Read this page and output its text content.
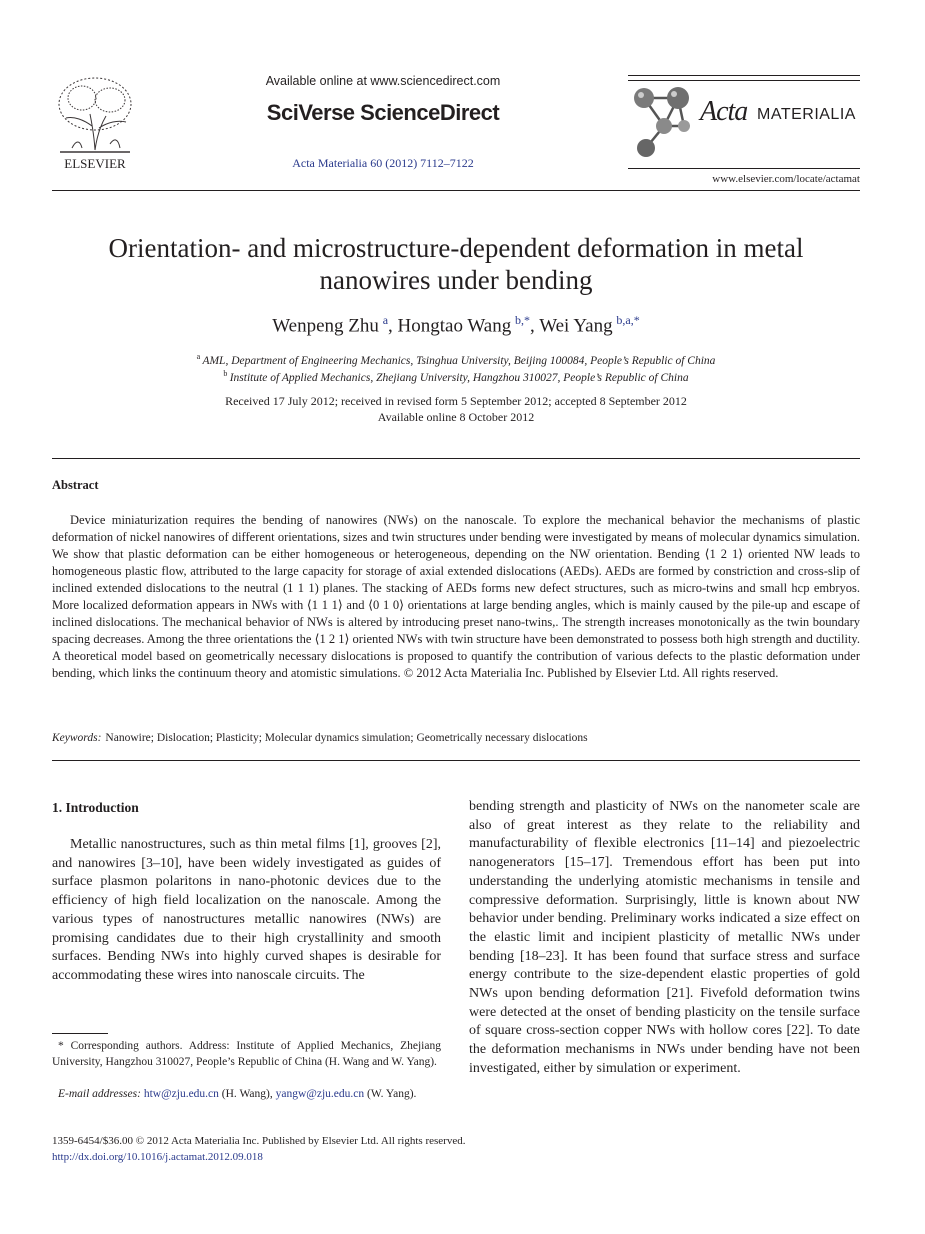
ELSEVIER
Available online at www.sciencedirect.com
SciVerse ScienceDirect
Acta Materialia 60 (2012) 7112–7122
Acta MATERIALIA
www.elsevier.com/locate/actamat
Orientation- and microstructure-dependent deformation in metal nanowires under bending
Wenpeng Zhu  $^a$, Hongtao Wang  $^{b,*}$, Wei Yang  $^{b,a,*}$
$^a$  AML, Department of Engineering Mechanics, Tsinghua University, Beijing 100084, People’s Republic of China
$^b$  Institute of Applied Mechanics, Zhejiang University, Hangzhou 310027, People’s Republic of China
Received 17 July 2012; received in revised form 5 September 2012; accepted 8 September 2012
Available online 8 October 2012
Abstract
Device miniaturization requires the bending of nanowires (NWs) on the nanoscale. To explore the mechanical behavior the mechanisms of plastic deformation of nickel nanowires of different orientations, sizes and twin structures under bending were investigated by means of molecular dynamics simulation. We show that plastic deformation can be either homogeneous or heterogeneous, depending on the NW orientation. Bending ⟨1 2 1⟩ oriented NW leads to homogeneous plastic flow, attributed to the large capacity for storage of axial extended dislocations (AEDs). AEDs are formed by constriction and cross-slip of inclined extended dislocations to the neutral (1 1 1) planes. The stacking of AEDs forms new defect structures, such as micro-twins and small hcp embryos. More localized deformation appears in NWs with ⟨1 1 1⟩ and ⟨0 1 0⟩ orientations at large bending angles, which is mainly caused by the pile-up and escape of inclined dislocations. The mechanical behavior of NWs is altered by introducing preset nano-twins,. The strength increases monotonically as the twin boundary spacing decreases. Among the three orientations the ⟨1 2 1⟩ oriented NWs with twin structure have been demonstrated to possess both high strength and ductility. A theoretical model based on geometrically necessary dislocations is proposed to quantify the contribution of various defects to the plastic deformation under bending, which links the continuum theory and atomistic simulations. © 2012 Acta Materialia Inc. Published by Elsevier Ltd. All rights reserved.
Keywords: Nanowire; Dislocation; Plasticity; Molecular dynamics simulation; Geometrically necessary dislocations
1. Introduction
Metallic nanostructures, such as thin metal films [1], grooves [2], and nanowires [3–10], have been widely investigated as guides of surface plasmon polaritons in nano-photonic devices due to the efficiency of high field localization on the nanoscale. Among the various types of nanostructures metallic nanowires (NWs) are promising candidates due to their high crystallinity and smooth surfaces. Bending NWs into highly curved shapes is desirable for accommodating these wires into nanoscale circuits. The
bending strength and plasticity of NWs on the nanometer scale are also of great interest as they relate to the reliability and manufacturability of flexible electronics [11–14] and piezoelectric nanogenerators [15–17]. Tremendous effort has been put into understanding the underlying atomistic mechanisms in tensile and compressive deformation. Surprisingly, little is known about NW behavior under bending. Preliminary works indicated a size effect on the elastic limit and incipient plasticity of metallic NWs under bending [18–23]. It has been found that surface stress and surface energy contribute to the size-dependent elastic properties of gold NWs upon bending deformation [21]. Fivefold deformation twins were detected at the onset of bending plasticity on the tensile surface of square cross-section copper NWs with hollow cores [22]. To date the deformation mechanisms in NWs under bending have not been investigated, either by simulation or experiment.
* Corresponding authors. Address: Institute of Applied Mechanics, Zhejiang University, Hangzhou 310027, People’s Republic of China (H. Wang and W. Yang).
E-mail addresses: htw@zju.edu.cn (H. Wang), yangw@zju.edu.cn (W. Yang).
1359-6454/$36.00 © 2012 Acta Materialia Inc. Published by Elsevier Ltd. All rights reserved.
http://dx.doi.org/10.1016/j.actamat.2012.09.018
